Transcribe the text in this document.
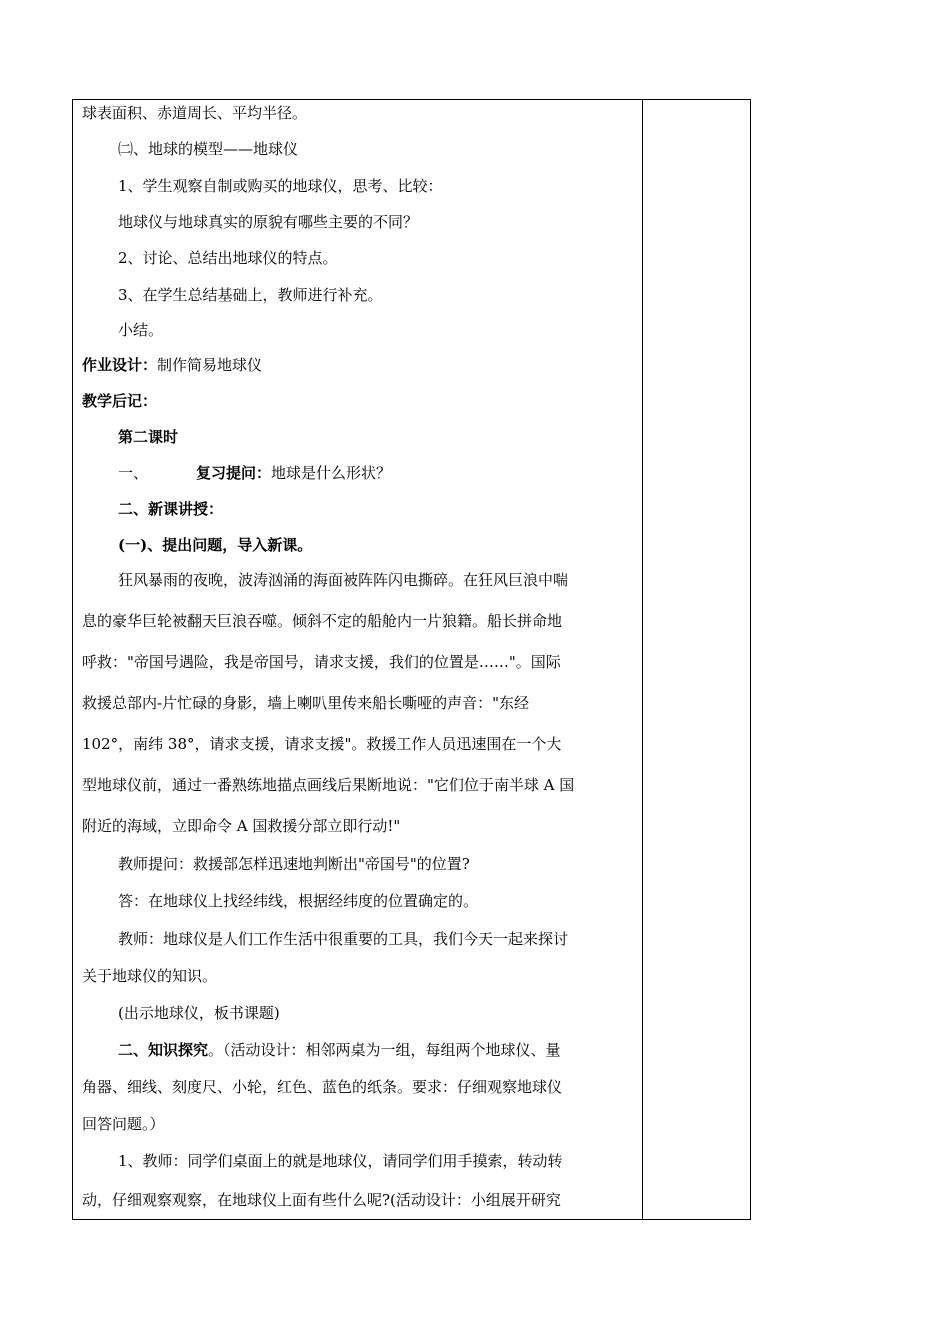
球表面积、赤道周长、平均半径。
㈡、地球的模型——地球仪
1、学生观察自制或购买的地球仪，思考、比较：
地球仪与地球真实的原貌有哪些主要的不同？
2、讨论、总结出地球仪的特点。
3、在学生总结基础上，教师进行补充。
小结。
作业设计：制作简易地球仪
教学后记：
第二课时
一、	复习提问：地球是什么形状？
二、新课讲授：
(一)、提出问题，导入新课。
狂风暴雨的夜晚，波涛汹涌的海面被阵阵闪电撕碎。在狂风巨浪中喘
息的豪华巨轮被翻天巨浪吞噬。倾斜不定的船舱内一片狼籍。船长拼命地
呼救："帝国号遇险，我是帝国号，请求支援，我们的位置是……"。国际
救援总部内-片忙碌的身影，墙上喇叭里传来船长嘶哑的声音："东经
102°，南纬 38°，请求支援，请求支援"。救援工作人员迅速围在一个大
型地球仪前，通过一番熟练地描点画线后果断地说："它们位于南半球 A 国
附近的海域，立即命令 A 国救援分部立即行动!"
教师提问：救援部怎样迅速地判断出"帝国号"的位置?
答：在地球仪上找经纬线，根据经纬度的位置确定的。
教师：地球仪是人们工作生活中很重要的工具，我们今天一起来探讨
关于地球仪的知识。
(出示地球仪，板书课题)
二、知识探究。（活动设计：相邻两桌为一组，每组两个地球仪、量
角器、细线、刻度尺、小轮，红色、蓝色的纸条。要求：仔细观察地球仪
回答问题。）
1、教师：同学们桌面上的就是地球仪，请同学们用手摸索，转动转
动，仔细观察观察，在地球仪上面有些什么呢?(活动设计：小组展开研究
